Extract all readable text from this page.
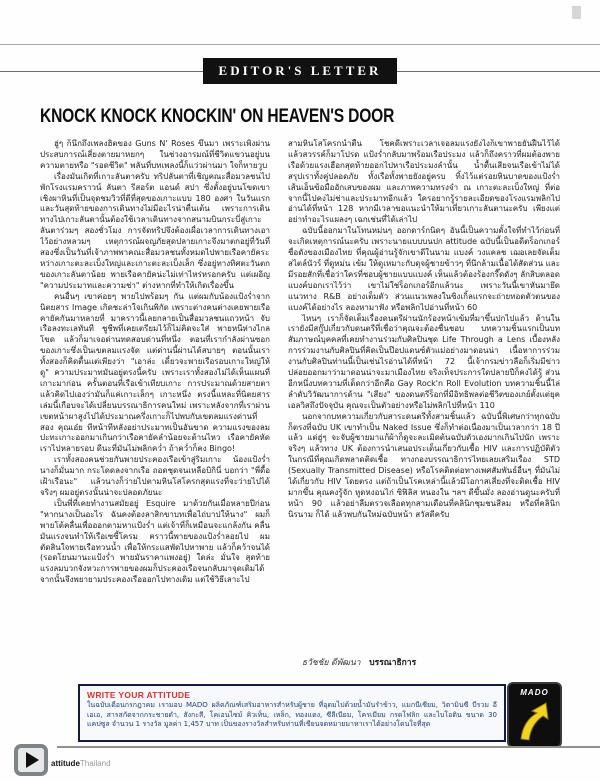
EDITOR'S LETTER
KNOCK KNOCK KNOCKIN' ON HEAVEN'S DOOR

ฮู่ๆ ก็นึกถึงเพลงฮิตของ Guns N' Roses ขึ้นมา เพราะเพิ่งผ่านประสบการณ์เสี่ยงตายมาหยกๆ ในช่วงอารมณ์ที่ชีวิตแขวนอยู่บนความตายหรือ "รอดชีวิต" พลันที่บทเพลงนี้ก็แว่วผ่านมา ใจก็หายวูบ

เรื่องมันเกิดที่เกาะลันตาครับ ทริปลันตาที่เชิญคณะสื่อมวลชนไปพักโรงแรมคราวน์ ลันตา รีสอร์ต แอนด์ สปา ซึ่งตั้งอยู่บนโขดเขาเชิงผาหินที่เป็นจุดชมวิวที่ดีที่สุดของเกาะแบบ 180 องศา ในวันแรกและวันสุดท้ายของการเดินทางไม่มีอะไรน่าตื่นเต้น เพราะการเดินทางไปเกาะลันตานั้นต้องใช้เวลาเดินทางจากสนามบินกระบี่สู่เกาะลันตาร่วมๆ สองชั่วโมง การจัดทริปจึงต้องเผื่อเวลาการเดินทางเอาไว้อย่างหลวมๆ เหตุการณ์ผจญภัยสุดปลายเกาะจึงมาตกอยู่ที่วันที่สองซึ่งเป็นวันที่เจ้าภาพพาคณะสื่อมวลชนทั้งหมดไปพายเรือคายัคระหว่างเกาะตะละเบ็งใหญ่และเกาะตะละเบ็งเล็ก ซึ่งอยู่ทางทิศตะวันตกของเกาะลันตาน้อย พายเรือคายัคน่ะไม่เท่าไหร่หรอกครับ แต่เผอิญ "ความประมาทและความช่า" ต่างหากที่ทำให้เกิดเรื่องขึ้น

คนอื่นๆ เขาค่อยๆ พายไปพร้อมๆ กัน แต่ผมกับน้องแป้งร่ำจากนิตยสาร Image เกิดชะล่าใจเกินพิกัด เพราะต่างคนต่างเคยพายเรือคายัคกันมาหลายที่ มาคราวนี้เลยกลายเป็นสื่อมวลชนแถวหน้า จับเรือลงทะเลทันที ชูชีพที่เคยเตรียมไว้ก็ไม่คิดจะใส่ พายหนีห่างไกลโขด แล้วก็มาเจอด่านทดสอบด่านที่หนึ่ง ตอนที่เรากำลังผ่านซอกของเกาะซึ่งเป็นเขตลมแรงจัด แต่ด่านนี้ผ่านได้สบายๆ ตอนนั้นเราทั้งสองก็คิดตื้นแต่เพียงว่า "เอาล่ะ เดี๋ยวจะพายเรือรอบเกาะใหญ่ให้ดู" ความประมาทมันอยู่ตรงนี้ครับ เพราะเราทั้งสองไม่ได้เห็นแผนที่เกาะมาก่อน ครั้นตอนที่เรือเข้าเทียบเกาะ การประมาณด้วยสายตาแล้วคิดไปเองว่ามันก็แค่เกาะเล็กๆ เกาะหนึ่ง ตรงนี้แหละที่นิตยสารเล่มนี้เกือบจะได้เปลี่ยนบรรณาธิการคนใหม่ เพราะหลังจากที่เราผ่านเขตหน้าผาสูงไปได้ประมาณครึ่งเกาะก็ไปพบกับเขตลมแรงด่านที่สอง คุณเอ๋ย ทีหน้าทีหลังอย่าประมาทเป็นอันขาด ความแรงของลมปะทะเกาะออกมาเกินกว่าเรือคายัคลำน้อยจะต้านไหว เรือคายัคหัดเราไปหลายรอบ ดีนะที่มันไม่พลิกคว่ำ ถ้าคว่ำก็คง Bingo!

เราทั้งสองคนช่วยกันพายประคองเรือเข้าสู่ริมเกาะ น้องแป้งร่ำนางก็มั่นมาก กระโดดลงจากเรือ ถอดชุดจนเหลือบิกินี่ บอกว่า "พี่ดื้อเฝ้าเรือนะ" แล้วนางก็ว่ายไปตามหินโสโครกสุดแรงที่จะว่ายไปได้ จริงๆ ผมอยู่ตรงนั้นน่าจะปลอดภัยนะ

เป็นพี่ที่เคยทำงานสมัยอยู่ Esquire มาด้วยกันเมื่อหลายปีก่อน "หากนางเป็นอะไร ฉันคงต้องลาสิกขาบทเพื่อไถ่บาปให้นาง" ผมก็พายโต้คลื่นเพื่อออกตามหาแป้งร่ำ แต่เจ้าที่ก็เหมือนจะแกล้งกัน คลื่นมันแรงจนทำให้เรือเซซี้โครม คราวนี้พายของแป้งร่ำลอยไป ผมตัดสินใจพายเรือทวนน้ำ เพื่อให้กระแสพัดไปหาพาย แล้วก็คว้าจนได้ (รอดโยนมานะแป้งร่ำ พายมันราคาแพงอยู่) ใดล่ะ มั่นใจ สุดท้าย แรงลมบวกจังหวะการพายของผมก็ประคองเรือจนกลับมาจุดเดิมได้ จากนั้นจึงพยายามประคองเรือออกไปทางเดิม แต่ใช้วิธีเลาะไป

สามหินโสโครกน้ำตื้น โชคดีเพราะเวลาเจอลมแรงยังไงก็เขาพายยันฝืนไว้ได้ แล้วสวรรค์ก็มาโปรด แป้งร่ำกลับมาพร้อมเรือประมง แล้วก็ถึงคราวที่ผมต้องพายเรือด้วยแรงเฮือกสุดท้ายออกไปหาเรือประมงลำนั้น น้ำตื้นเสียจนเรือเข้าไม่ได้ สรุปเราทั้งคู่ปลอดภัย ทั้งเรือทั้งพายยังอยู่ครบ ทิ้งไว้แต่รอยหินบาดของแป้งร่ำ เส้นเอ็นข้อมืออักเสบของผม และภาพความทรงจำ ณ เกาะตะละเบ็งใหญ่ ที่ต่อจากนี้ไปคงไม่ช่าและประมาทอีกแล้ว ใครอยากรู้รายละเอียดของโรงแรมพลิกไปอ่านได้ที่หน้า 128 หากมีเวลาขอแนะนำให้มาเที่ยวเกาะลันตานะครับ เพียงแต่อย่าทำอะไรแผลงๆ เฉกเช่นที่ได้เล่าไป

ฉบับนี้ออกมาในโทนหม่นๆ ออกดาร์กนิดๆ อันนี้เป็นความตั้งใจที่ทำไว้ก่อนที่จะเกิดเหตุการณ์นะครับ เพราะนายแบบบนปก attitude ฉบับนี้เป็นอดีตร็อกเกอร์ชื่อดังของเมืองไทย ที่คุณผู้อ่านรู้จักเขาดีในนาม แบงค์ วงแคลช เฌอเลยจัดเต็มสไตล์นัวร์ ที่ดูหม่น เข้ม ให้ดูเหมาะกับดุจผู้ชายข้าวๆ ที่นึกล้ามเนื้อได้สัดส่วน และมีรอยสักที่เชื่อว่าใครที่ชอบผู้ชายแบบแบงค์ เห็นแล้วต้องร้องกรี๊ดดังๆ ลักสิบตลอด แบงค์บอกเราไว้ว่า เขาไม่ใช่ร็อกเกอร์อีกแล้วนะ เพราะวันนี้เขาหันมายึดแนวทาง R&B อย่างเต็มตัว ส่วนแนวเพลงในซิงเกิ้ลแรกจะถ่ายทอดตัวตนของแบงค์ได้อย่างไร ลองหามาฟัง หรือพลิกไปอ่านที่หน้า 60

ไหนๆ เราก็จัดเต็มเรื่องดนตรีผ่านนักร้องหน้าเข้มที่มาขึ้นปกไปแล้ว ด้านในเรายังมีสกู๊ปเกี่ยวกับดนตรีที่เชื่อว่าคุณจะต้องชื่นชอบ บทความชิ้นแรกเป็นบทสัมภาษณ์บุคคลที่เคยทำงานร่วมกับศิลปินชุด Life Through a Lens เบื้องหลังการร่วมงานกับศิลปินที่คิดเป็นป๊อปแดนซ์ตัวแม่อย่างมาดอนน่า เนื้อหาการร่วมงานกับศิลปินท่านนี้เป็นเช่นไรอ่านได้ที่หน้า 72 นี้เจ้ากรมข่าวลือก็เริ่มมีข่าวปล่อยออกมาว่ามาดอนน่าจะมาเมืองไทย จริงเท็จประการใดปลายปีก็คงได้รู้ ส่วนอีกหนึ่งบทความที่เด็ดกว่าอีกคือ Gay Rock'n Roll Evolution บทความชิ้นนี้ไล่ลำดับวิวัฒนาการด้าน "เสียง" ของดนตรีร็อกที่มีอิทธิพลต่อชีวิตของเกย์ตั้งแต่ยุคเอลวิสถึงปัจจุบัน คุณจะเป็นตัวอย่างหรือไม่พลิกไปที่หน้า 110

นอกจากบทความเกี่ยวกับสาระดนตรีทั้งสามชิ้นแล้ว ฉบับนี้พิเศษกว่าทุกฉบับก็ตรงที่ฉบับ UK เขาทำเป็น Naked Issue ซึ่งก็ทำต่อเนื่องมาเป็นเวลากว่า 18 ปี แล้ว แต่ฮู่ๆ จะจับผู้ชายมาแก้ผ้าก็ดูจะละเมิดต้นฉบับตัวเองมากเกินไปนัก เพราะจริงๆ แล้วทาง UK ต้องการนำเสนอประเด็นเกี่ยวกับเชื้อ HIV และการปฏิบัติตัวในกรณีที่คุณเกิดพลาดติดเชื้อ ทางกองบรรณาธิการไทยเลยเสริมเรื่อง STD (Sexually Transmitted Disease) หรือโรคติดต่อทางเพศสัมพันธ์อื่นๆ ที่มันไม่ได้เกี่ยวกับ HIV โดยตรง แต่ถ้าเป็นโรคเหล่านี้แล้วมีโอกาสเสี่ยงที่จะติดเชื้อ HIV มากขึ้น คุณคงรู้จัก หูดหงอนไก่ ซิฟิลิส หนองใน ฯลฯ ดีขึ้นมั่ง ลองอ่านดูนะครับที่หน้า 90 แล้วอย่าลืมตรวจเลือดทุกสามเดือนที่คลินิกชุมชนสีลม หรือที่คลินิกนิรนาม ก็ได้ แล้วพบกันใหม่ฉบับหน้า สวัสดีครับ

ธวัชชัย ดีพัฒนา บรรณาธิการ
WRITE YOUR ATTITUDE
ในฉบับเดือนกรกฎาคม เรามอบ MADO ผลิตภัณฑ์เสริมอาหารสำหรับผู้ชาย ที่อุดมไปด้วยน้ำมันรำข้าว, แมกนีเซียม, วิตามินซี บีรวม อี เอเอ, สารสกัดจากกระชายดำ, สังกะสี, โคเอนไซม์ คิวเท็น, เหล็ก, ทองแดง, ซีลีเนียม, โครเมียม กรดโฟลิก และไบโอติน ขนาด 30 แคปซูล จำนวน 1 รางวัล มูลค่า 1,457 บาท เป็นของรางวัลสำหรับท่านที่เขียนจดหมายมาหาเราได้อย่างโดนใจที่สุด
MADO
attitudeThailand
